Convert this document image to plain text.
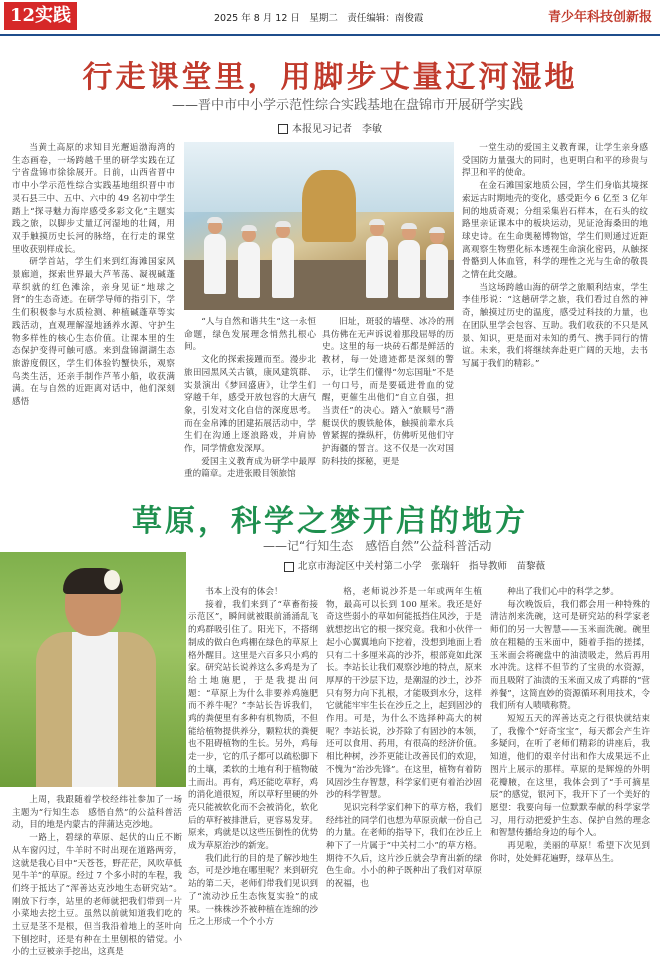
12实践	2025 年 8 月 12 日　星期二　责任编辑：南俊霞	青少年科技创新报
行走课堂里，用脚步丈量辽河湿地
——晋中市中小学示范性综合实践基地在盘锦市开展研学实践
本报见习记者　李敏

当黄土高原的求知目光邂逅渤海湾的生态画卷，一场跨越千里的研学实践在辽宁省盘锦市徐徐展开。日前，山西省晋中市中小学示范性综合实践基地组织晋中市灵石县三中、五中、六中的 49 名初中学生踏上“探寻魅力海岸感受多彩文化”主题实践之旅，以脚步丈量辽河湿地的壮阔，用双手触摸历史长河的脉络，在行走的课堂里收获别样成长。

研学首站，学生们来到红海滩国家风景廊道，探索世界最大芦苇荡、凝视碱蓬草织就的红色滩涂，亲身见证“地球之肾”的生态奇迹。在研学导师的指引下，学生们积极参与水质检测、种植碱蓬草等实践活动，直观理解湿地涵养水源、守护生物多样性的核心生态价值。让课本里的生态保护变得可触可感。来到盘锦湖湖生态旅游度假区，学生们体验钓蟹快乐，观察鸟类生活，还亲手制作芦苇小船，收获满满。在与自然的近距离对话中，他们深刻感悟

“人与自然和谐共生”这一永恒命题，绿色发展理念悄然扎根心间。

文化的探索接踵而至。漫步北旅田园黑风关古镇，康风建筑群、实景演出《梦回盛唐》，让学生们穿越千年，感受开放包容的大唐气象，引发对文化自信的深度思考。而在金帛滩的团建拓展活动中，学生们在沟通上逐浪路戏，并肩协作，同学情愈发深厚。

爱国主义教育成为研学中最厚重的篇章。走进张殿目领旅馆

旧址，斑驳的墙壁、冰冷的刑具仿佛在无声诉说着那段屈辱的历史。这里的每一块砖石都是鲜活的教材，每一处遗迹都是深刻的警示，让学生们懂得“勿忘国耻”不是一句口号，而是要砥进骨血的觉醒，更催生出他们“自立自强，担当责任”的决心。踏入“旅顺号”潜艇误伏的腹铁舱体，触摸前辈水兵曾紧握的操纵杆，仿佛听见他们守护海疆的誓言。这不仅是一次对国防科技的探秘，更是

一堂生动的爱国主义教育课，让学生亲身感受国防力量强大的同时，也更明白和平的珍贵与捍卫和平的使命。

在金石滩国家地质公园，学生们身临其境探索远古时期地壳的变化，感受距今 6 亿至 3 亿年间的地质奇观；分组采集岩石样本，在石头的纹路里亲证课本中的板块运动，见证沧海桑田的地球史诗。在生命奥秘博物馆，学生们则通过近距离观察生物塑化标本透视生命演化密码，从触探骨骼到人体血管，科学的理性之光与生命的敬畏之情在此交融。

当这场跨越山海的研学之旅顺利结束，学生李佳彤说：“这趟研学之旅，我们看过自然的神奇，触摸过历史的温度，感受过科技的力量，也在团队里学会包容、互助。我们收获的不只是风景、知识，更是面对未知的勇气、携手同行的情谊。未来，我们将继续奔赴更广阔的天地，去书写属于我们的精彩。”

草原，科学之梦开启的地方
——记“行知生态　感悟自然”公益科普活动
北京市海淀区中关村第二小学　张瑞轩　指导教师　苗黎薇

上周，我跟随着学校经纬社参加了一场主题为“行知生态　感悟自然”的公益科普活动，目的地是内蒙古的萍蒲达克沙地。

一路上，碧绿的草原、起伏的山丘不断从车窗闪过，牛羊时不时出现在道路两旁，这就是我心目中“天苍苍，野茫茫，风吹草低见牛羊”的草原。经过 7 个多小时的车程，我们终于抵达了“浑善达克沙地生态研究站”。刚放下行李，站里的老师就把我们带到一片小菜地去挖土豆。虽然以前就知道我们吃的土豆是茎不是根，但当我沿着地上的茎叶向下刨挖时，还是有种在土里刨根的错觉。小小的土豆被亲手挖出，这真是

书本上没有的体会！

接着，我们来到了“草畜衔接示范区”，瞬间就被眼前涌涌乱飞的鸡群吸引住了。阳光下，不搭纲制成的做白色鸡棚在绿色的草原上格外醒目。这里是六百多只小鸡的家。研究站长说养这么多鸡是为了给土地施肥，于是我提出问题：“草原上为什么非要养鸡施肥而不养牛呢？”李站长告诉我们，鸡的粪便里有多种有机物质，不但能给植物提供养分，颗粒状的粪便也不阻碍植物的生长。另外，鸡每走一步，它的爪子都可以疏松脚下的土壤，柔软的土地有利于植物破土而出。再有，鸡还能吃草籽，鸡的消化道很短，所以草籽里硬的外壳只能被软化而不会被消化，软化后的草籽被排泄后，更容易发芽。原来，鸡就是以这些压倒性的优势成为草原治沙的新宠。

我们此行的目的是了解沙地生态，可是沙地在哪里呢？来到研究站的第二天，老师们带我们见识到了“流动沙丘生态恢复实验”的成果。一株株沙芥被种植在连绵的沙丘之上形成一个个小方

格，老师说沙芥是一年或两年生植物，最高可以长到 100 厘米。我还是好奇这些弱小的草如何能抵挡住风沙，于是就想挖出它的根一探究竟。我和小伙伴一起小心翼翼地向下挖着，没想到地面上看只有二十多厘米高的沙芥，根部竟如此深长。李站长让我们观察沙地的特点，原来厚厚的干沙层下边，是潮湿的沙土，沙芥只有努力向下扎根，才能吸到水分，这样它就能牢牢生长在沙丘之上，起到固沙的作用。可是，为什么不选择种高大的树呢？李站长说，沙芥除了有固沙的本领，还可以食用、药用，有很高的经济价值。相比种树，沙芥更能让改善民们的欢迎，不愧为“治沙先锋”。在这里，植物有着防风固沙生存智慧，科学家们更有着治沙固沙的科学智慧。

见识完科学家们种下的草方格，我们经纬社的同学们也想为草原贡献一份自己的力量。在老师的指导下，我们在沙丘上种下了一片属于“中关村二小”的草方格。期待不久后，这片沙丘就会孕育出新的绿色生命。小小的种子既种出了我们对草原的祝福，也

种出了我们心中的科学之梦。

每次晚饭后，我们都会用一种特殊的清洁剂来洗碗，这可是研究站的科学家老师们的另一大智慧——玉米面洗碗。碗里放在粗糙的玉米面中，随着手指的搓揉，玉米面会将碗盘中的油渍吸走，然后再用水冲洗。这样不但节约了宝贵的水资源，而且吸附了油渍的玉米面又成了鸡群的“营养餐”，这简直妙的资源循环利用技术，令我们所有人啧啧称赞。

短短五天的浑善达克之行很快就结束了，我像个“好奇宝宝”，每天都会产生许多疑问，在听了老师们精彩的讲座后，我知道，他们的艰辛付出和作大成果远不止图片上展示的那样。草原的是辉煌的外明花瓣腋，在这里，我体会到了“手可摘星辰”的感觉，银河下，我开下了一个美好的愿望：我要向每一位默默奉献的科学家学习，用行动把爱护生态、保护自然的理念和智慧传播给身边的每个人。

再见啦，美丽的草原！希望下次见到你时，处处鲜花遍野，绿草丛生。
